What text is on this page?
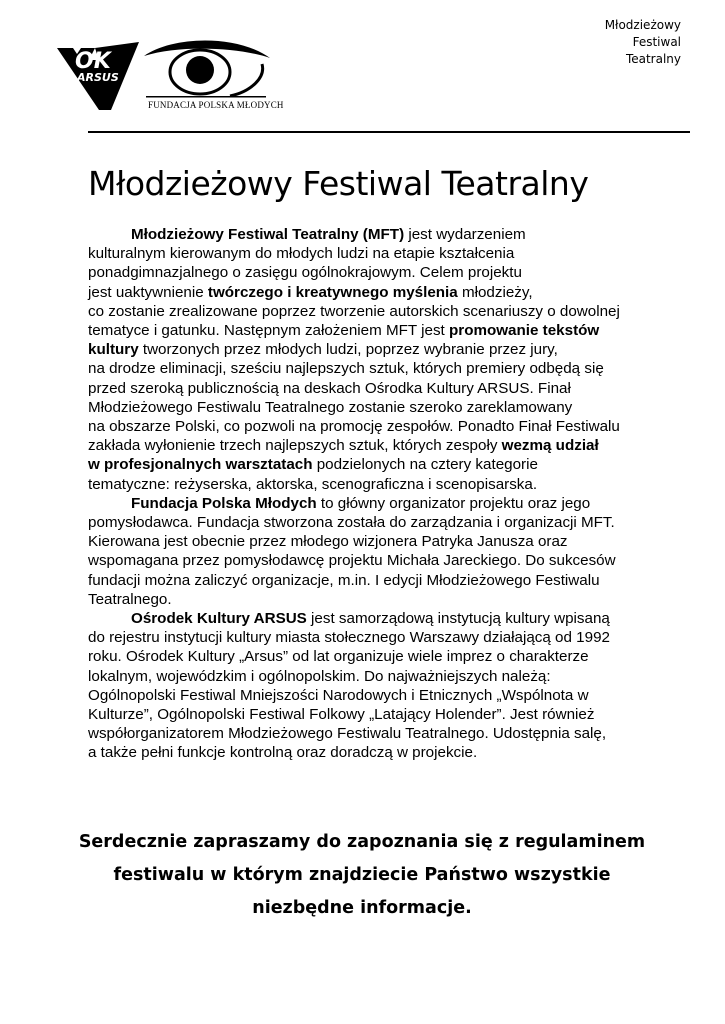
Młodzieżowy
Festiwal
Teatralny
OK
ARSUS
FUNDACJA POLSKA MŁODYCH
Młodzieżowy Festiwal Teatralny

Młodzieżowy Festiwal Teatralny (MFT) jest wydarzeniem
kulturalnym kierowanym do młodych ludzi na etapie kształcenia
ponadgimnazjalnego o zasięgu ogólnokrajowym. Celem projektu
jest uaktywnienie twórczego i kreatywnego myślenia młodzieży,
co zostanie zrealizowane poprzez tworzenie autorskich scenariuszy o dowolnej
tematyce i gatunku. Następnym założeniem MFT jest promowanie tekstów
kultury tworzonych przez młodych ludzi, poprzez wybranie przez jury,
na drodze eliminacji, sześciu najlepszych sztuk, których premiery odbędą się
przed szeroką publicznością na deskach Ośrodka Kultury ARSUS. Finał
Młodzieżowego Festiwalu Teatralnego zostanie szeroko zareklamowany
na obszarze Polski, co pozwoli na promocję zespołów. Ponadto Finał Festiwalu
zakłada wyłonienie trzech najlepszych sztuk, których zespoły wezmą udział
w profesjonalnych warsztatach podzielonych na cztery kategorie
tematyczne: reżyserska, aktorska, scenograficzna i scenopisarska.

Fundacja Polska Młodych to główny organizator projektu oraz jego
pomysłodawca. Fundacja stworzona została do zarządzania i organizacji MFT.
Kierowana jest obecnie przez młodego wizjonera Patryka Janusza oraz
wspomagana przez pomysłodawcę projektu Michała Jareckiego. Do sukcesów
fundacji można zaliczyć organizacje, m.in. I edycji Młodzieżowego Festiwalu
Teatralnego.

Ośrodek Kultury ARSUS jest samorządową instytucją kultury wpisaną
do rejestru instytucji kultury miasta stołecznego Warszawy działającą od 1992
roku. Ośrodek Kultury „Arsus” od lat organizuje wiele imprez o charakterze
lokalnym, wojewódzkim i ogólnopolskim. Do najważniejszych należą:
Ogólnopolski Festiwal Mniejszości Narodowych i Etnicznych „Wspólnota w
Kulturze”, Ogólnopolski Festiwal Folkowy „Latający Holender”. Jest również
współorganizatorem Młodzieżowego Festiwalu Teatralnego. Udostępnia salę,
a także pełni funkcje kontrolną oraz doradczą w projekcie.

Serdecznie zapraszamy do zapoznania się z regulaminem
festiwalu w którym znajdziecie Państwo wszystkie
niezbędne informacje.
